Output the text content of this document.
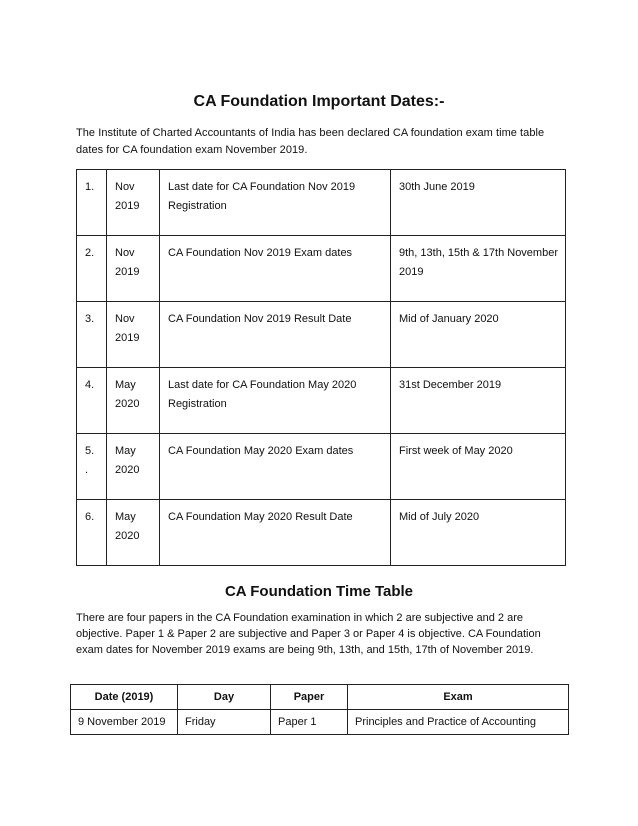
CA Foundation Important Dates:-
The Institute of Charted Accountants of India has been declared CA foundation exam time table
dates for CA foundation exam November 2019.
1.	Nov
2019	Last date for CA Foundation Nov 2019
Registration	30th June 2019

2.	Nov
2019	CA Foundation Nov 2019 Exam dates	9th, 13th, 15th & 17th November
2019

3.	Nov
2019	CA Foundation Nov 2019 Result Date	Mid of January 2020

4.	May
2020	Last date for CA Foundation May 2020
Registration	31st December 2019

5.
.	May
2020	CA Foundation May 2020 Exam dates	First week of May 2020

6.	May
2020	CA Foundation May 2020 Result Date	Mid of July 2020
CA Foundation Time Table
There are four papers in the CA Foundation examination in which 2 are subjective and 2 are
objective. Paper 1 & Paper 2 are subjective and Paper 3 or Paper 4 is objective. CA Foundation
exam dates for November 2019 exams are being 9th, 13th, and 15th, 17th of November 2019.
Date (2019)	Day	Paper	Exam
9 November 2019	Friday	Paper 1	Principles and Practice of Accounting
